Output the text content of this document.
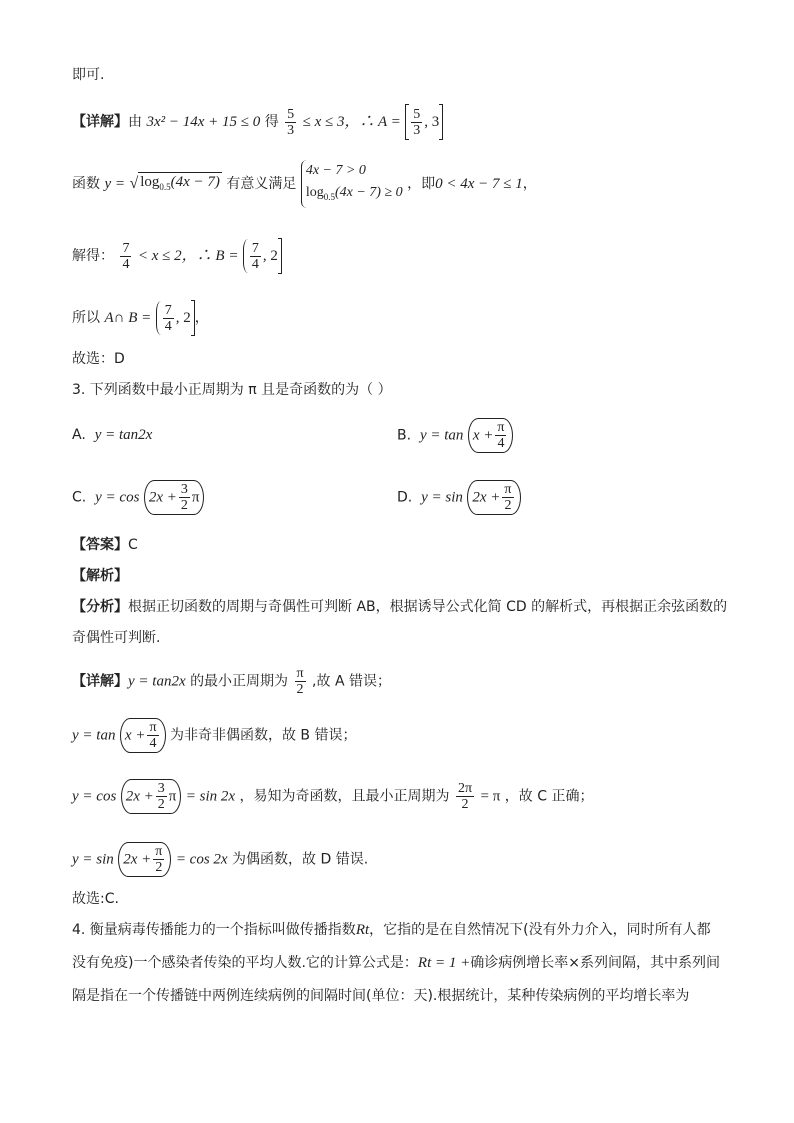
即可.
【详解】由 3x² − 14x + 15 ≤ 0 得 $\frac{5}{3} \le x \le 3$，∴ $A = \frac{5}{3}$ , 3
函数 y = √ $\log_{0.5}(4x - 7)$ 有意义满足
4x − 7 > 0
$\log_{0.5}(4x - 7) \ge 0$
，即0 < 4x − 7 ≤ 1，
解得： $\frac{7}{4} < x \le 2$，∴ $B = \frac{7}{4}$ , 2
所以 A∩ $B = \frac{7}{4}$ , 2 ，
故选：D
3. 下列函数中最小正周期为 π 且是奇函数的为（ ）
A. y = tan2x	B. $y = \tan x + \frac{\pi}{4}$
C. $y = \cos 2x + \frac{3}{2}$ π	D. $y = \sin 2x + \frac{\pi}{2}$
【答案】C
【解析】
【分析】根据正切函数的周期与奇偶性可判断 AB，根据诱导公式化简 CD 的解析式，再根据正余弦函数的
奇偶性可判断.
【详解】y = tan2x 的最小正周期为 $\frac{\pi}{2}$ ,故 A 错误；
$y = \tan x + \frac{\pi}{4}$ 为非奇非偶函数，故 B 错误；
$y = \cos 2x + \frac{3}{2}$ π = sin 2x ，易知为奇函数，且最小正周期为 $\frac{2\pi}{2} = \pi$ ，故 C 正确；
$y = \sin 2x + \frac{\pi}{2} = \cos 2x$ 为偶函数，故 D 错误.
故选:C.
4. 衡量病毒传播能力的一个指标叫做传播指数Rt，它指的是在自然情况下(没有外力介入，同时所有人都
没有免疫)一个感染者传染的平均人数.它的计算公式是：Rt = 1 +确诊病例增长率×系列间隔，其中系列间
隔是指在一个传播链中两例连续病例的间隔时间(单位：天).根据统计，某种传染病例的平均增长率为
